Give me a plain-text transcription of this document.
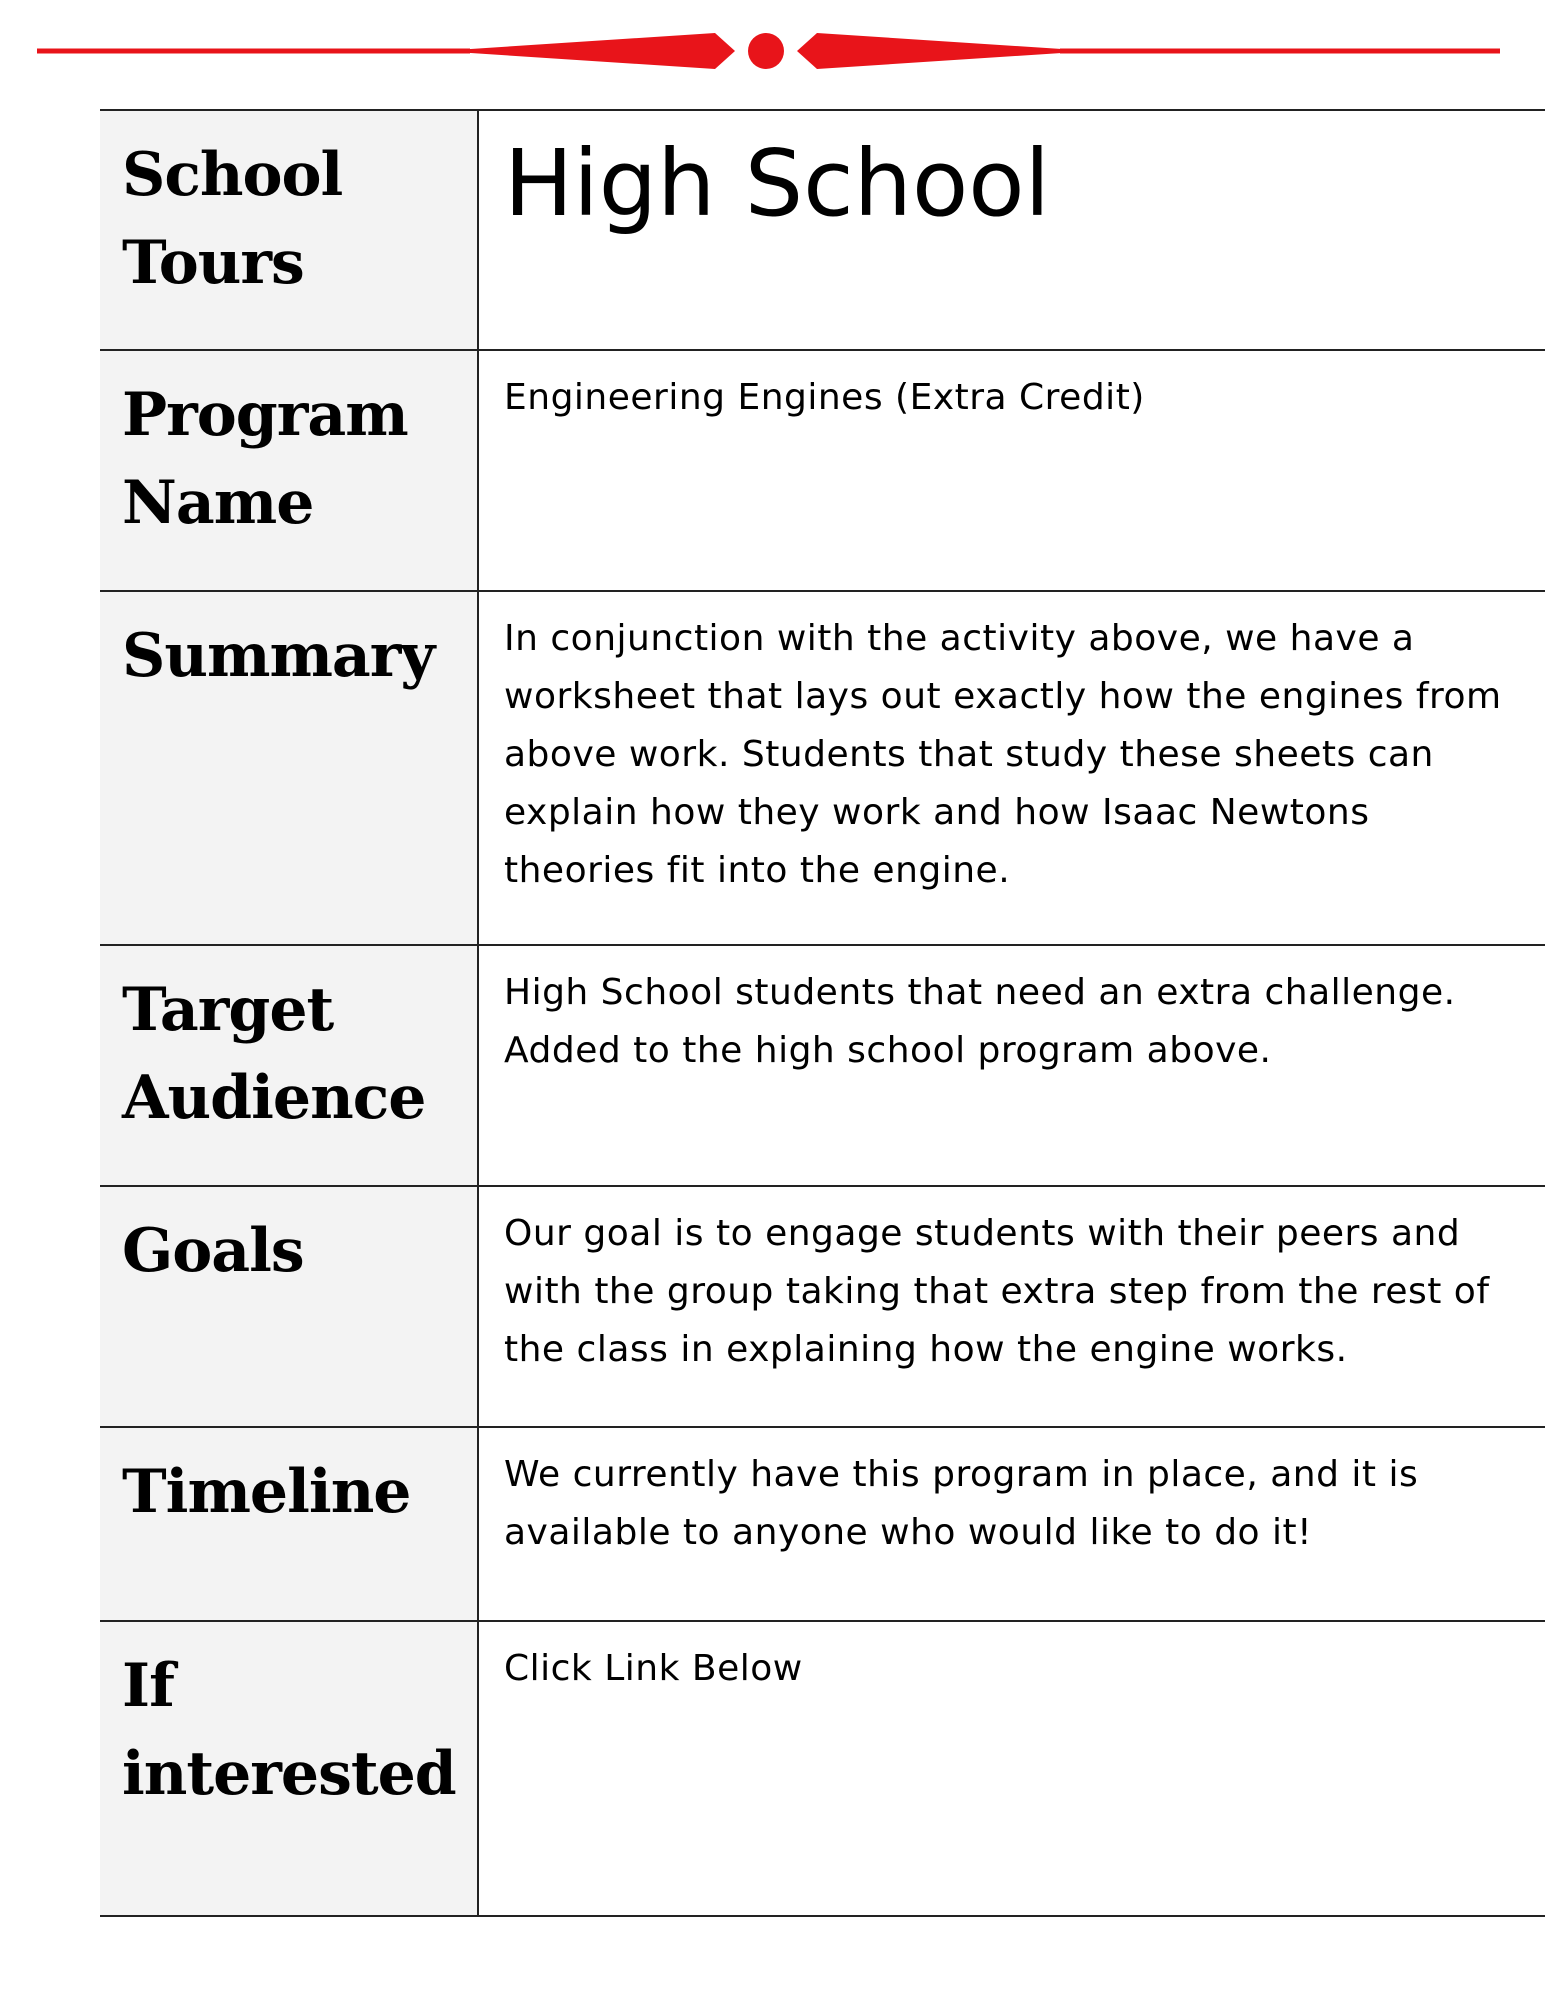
School Tours	High School

Program Name	Engineering Engines (Extra Credit)

Summary	In conjunction with the activity above, we have a worksheet that lays out exactly how the engines from above work. Students that study these sheets can explain how they work and how Isaac Newtons theories fit into the engine.

Target Audience	High School students that need an extra challenge. Added to the high school program above.

Goals	Our goal is to engage students with their peers and with the group taking that extra step from the rest of the class in explaining how the engine works.

Timeline	We currently have this program in place, and it is available to anyone who would like to do it!

If interested	Click Link Below
